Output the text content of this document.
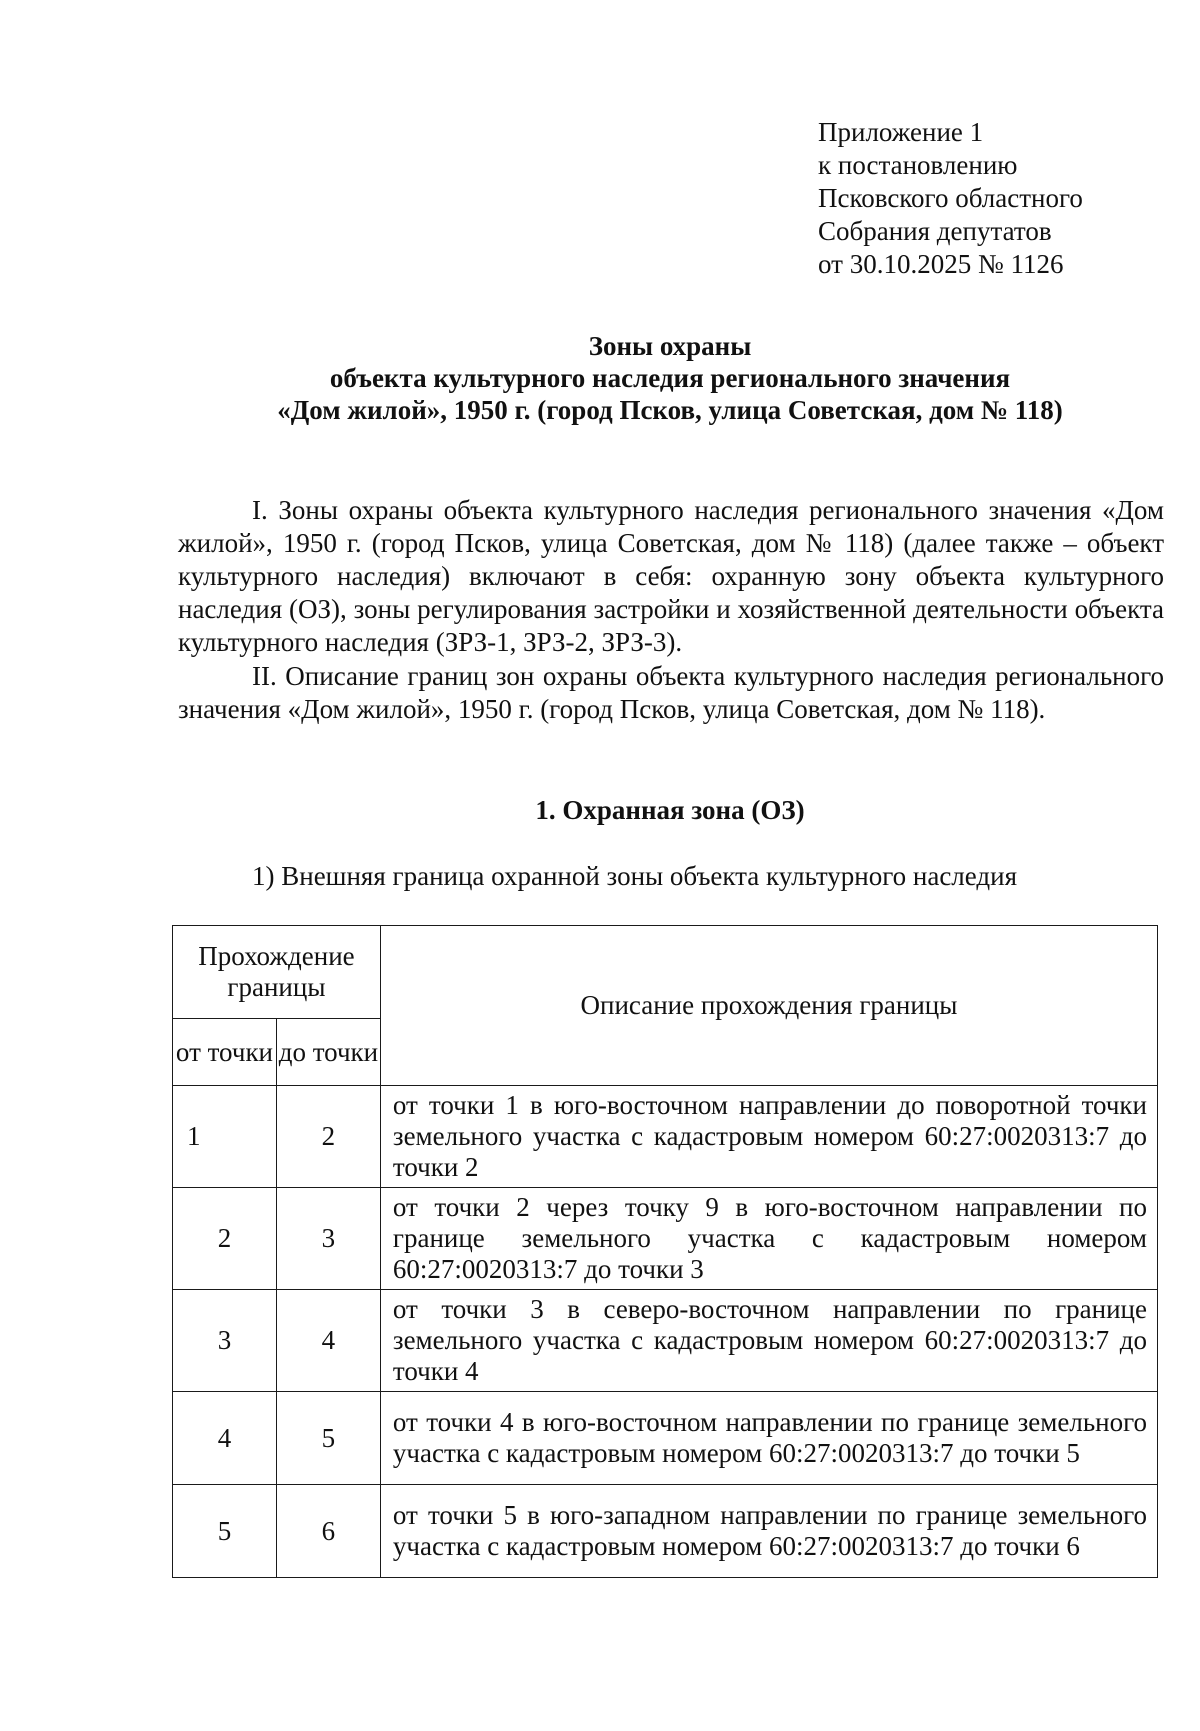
Приложение 1
к постановлению
Псковского областного
Собрания депутатов
от 30.10.2025 № 1126
Зоны охраны
объекта культурного наследия регионального значения
«Дом жилой», 1950 г. (город Псков, улица Советская, дом № 118)
I. Зоны охраны объекта культурного наследия регионального значения «Дом жилой», 1950 г. (город Псков, улица Советская, дом № 118) (далее также – объект культурного наследия) включают в себя: охранную зону объекта культурного наследия (ОЗ), зоны регулирования застройки и хозяйственной деятельности объекта культурного наследия (ЗРЗ-1, ЗРЗ-2, ЗРЗ-3).
II. Описание границ зон охраны объекта культурного наследия регионального значения «Дом жилой», 1950 г. (город Псков, улица Советская, дом № 118).
1. Охранная зона (ОЗ)
1) Внешняя граница охранной зоны объекта культурного наследия
Прохождение границы		Описание прохождения границы
от точки	до точки	
1	2	от точки 1 в юго-восточном направлении до поворотной точки земельного участка с кадастровым номером 60:27:0020313:7 до точки 2
2	3	от точки 2 через точку 9 в юго-восточном направлении по границе земельного участка с кадастровым номером 60:27:0020313:7 до точки 3
3	4	от точки 3 в северо-восточном направлении по границе земельного участка с кадастровым номером 60:27:0020313:7 до точки 4
4	5	от точки 4 в юго-восточном направлении по границе земельного участка с кадастровым номером 60:27:0020313:7 до точки 5
5	6	от точки 5 в юго-западном направлении по границе земельного участка с кадастровым номером 60:27:0020313:7 до точки 6
